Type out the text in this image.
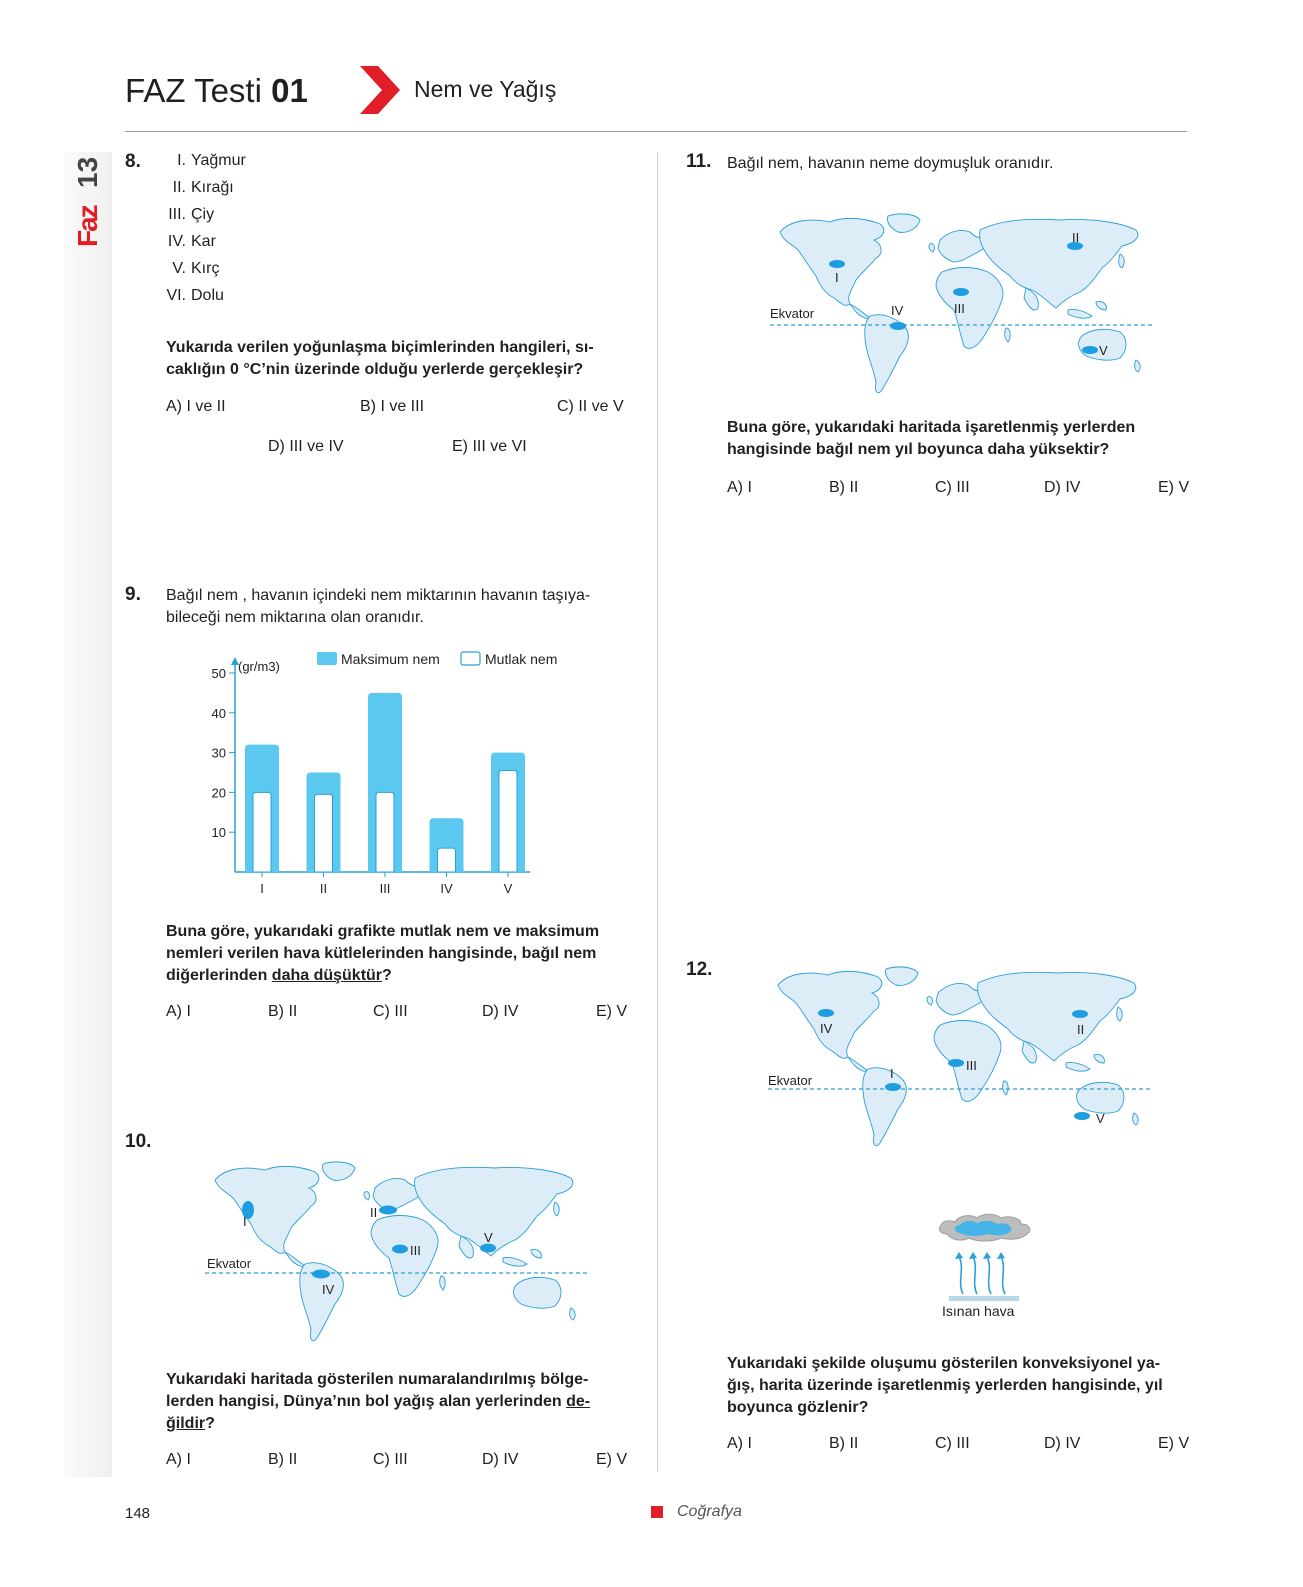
FAZ Testi 01	Nem ve Yağış
13
Faz
8.	I. Yağmur
II. Kırağı
III. Çiy
IV. Kar
V. Kırç
VI. Dolu
Yukarıda verilen yoğunlaşma biçimlerinden hangileri, sı-
caklığın 0 °C’nin üzerinde olduğu yerlerde gerçekleşir?
A) I ve II	B) I ve III	C) II ve V
D) III ve IV	E) III ve VI
9. Bağıl nem , havanın içindeki nem miktarının havanın taşıya-
bileceği nem miktarına olan oranıdır.
10
20
30
40
50 (gr/m3)
I	II	III	IV	V
Maksimum nem	Mutlak nem
Buna göre, yukarıdaki grafikte mutlak nem ve maksimum
nemleri verilen hava kütlelerinden hangisinde, bağıl nem
diğerlerinden daha düşüktür?
A) I	B) II	C) III	D) IV	E) V
10.
I
II
III
IV
V
Ekvator
Yukarıdaki haritada gösterilen numaralandırılmış bölge-
lerden hangisi, Dünya’nın bol yağış alan yerlerinden de-
ğildir?
A) I	B) II	C) III	D) IV	E) V
11. Bağıl nem, havanın neme doymuşluk oranıdır.
I
II
III
IV
V
Ekvator
Buna göre, yukarıdaki haritada işaretlenmiş yerlerden
hangisinde bağıl nem yıl boyunca daha yüksektir?
A) I	B) II	C) III	D) IV	E) V
12.
IV	II
III
I
V
Ekvator
Isınan hava
Yukarıdaki şekilde oluşumu gösterilen konveksiyonel ya-
ğış, harita üzerinde işaretlenmiş yerlerden hangisinde, yıl
boyunca gözlenir?
A) I	B) II	C) III	D) IV	E) V
148	Coğrafya
